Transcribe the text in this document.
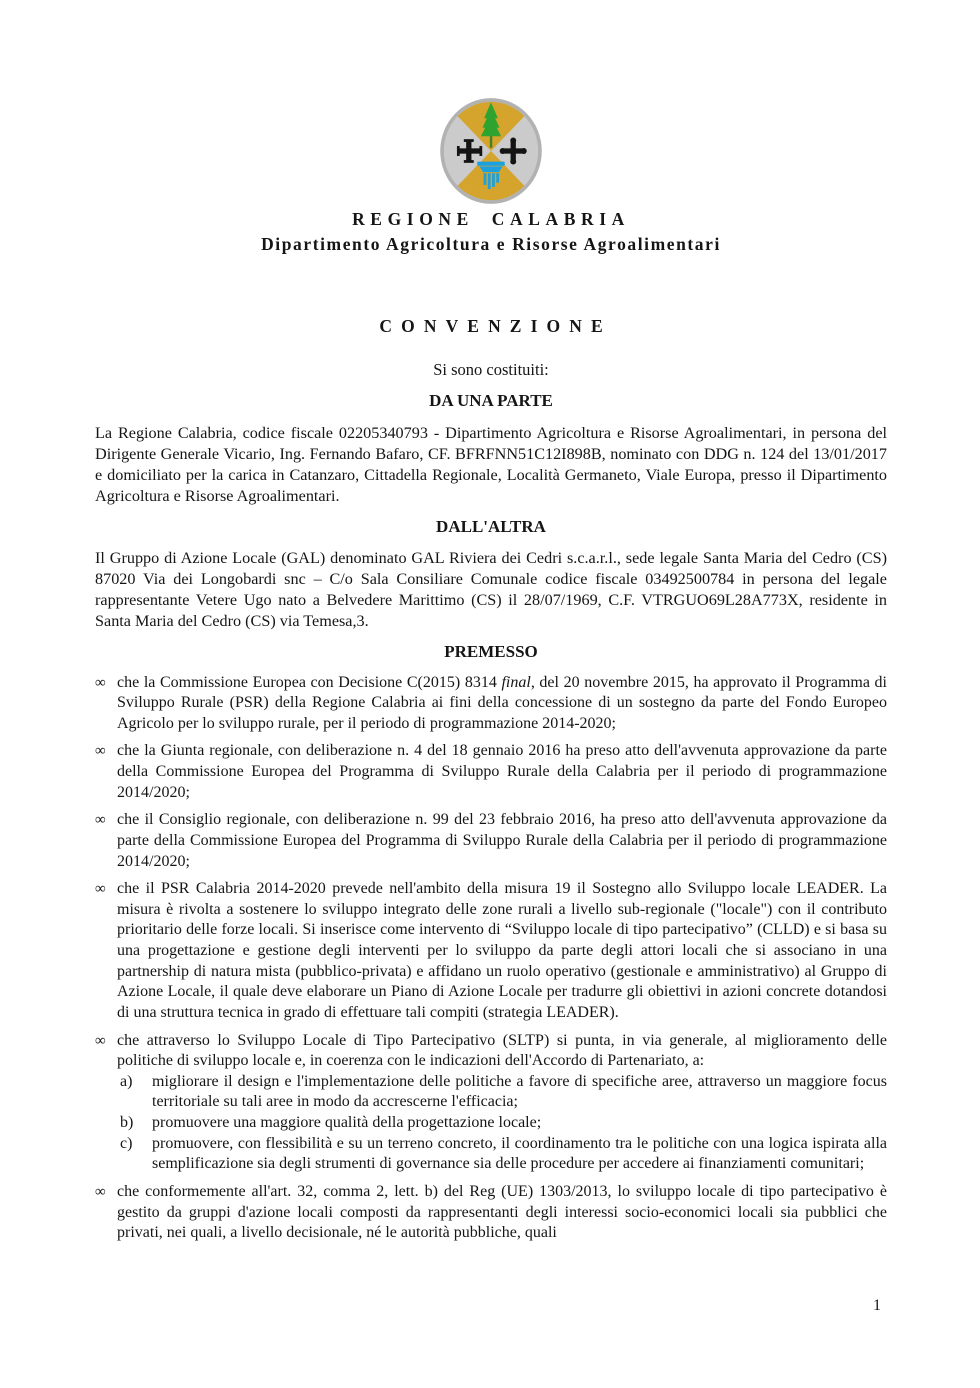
REGIONE CALABRIA
Dipartimento Agricoltura e Risorse Agroalimentari
CONVENZIONE
Si sono costituiti:
DA UNA PARTE
La Regione Calabria, codice fiscale 02205340793 - Dipartimento Agricoltura e Risorse Agroalimentari, in persona del Dirigente Generale Vicario, Ing. Fernando Bafaro, CF. BFRFNN51C12I898B, nominato con DDG n. 124 del 13/01/2017 e domiciliato per la carica in Catanzaro, Cittadella Regionale, Località Germaneto, Viale Europa, presso il Dipartimento Agricoltura e Risorse Agroalimentari.
DALL'ALTRA
Il Gruppo di Azione Locale (GAL) denominato GAL Riviera dei Cedri s.c.a.r.l., sede legale Santa Maria del Cedro (CS) 87020 Via dei Longobardi snc – C/o Sala Consiliare Comunale codice fiscale 03492500784 in persona del legale rappresentante Vetere Ugo nato a Belvedere Marittimo (CS) il 28/07/1969, C.F. VTRGUO69L28A773X, residente in Santa Maria del Cedro (CS) via Temesa,3.
PREMESSO
∞ che la Commissione Europea con Decisione C(2015) 8314 final, del 20 novembre 2015, ha approvato il Programma di Sviluppo Rurale (PSR) della Regione Calabria ai fini della concessione di un sostegno da parte del Fondo Europeo Agricolo per lo sviluppo rurale, per il periodo di programmazione 2014-2020;
∞ che la Giunta regionale, con deliberazione n. 4 del 18 gennaio 2016 ha preso atto dell'avvenuta approvazione da parte della Commissione Europea del Programma di Sviluppo Rurale della Calabria per il periodo di programmazione 2014/2020;
∞ che il Consiglio regionale, con deliberazione n. 99 del 23 febbraio 2016, ha preso atto dell'avvenuta approvazione da parte della Commissione Europea del Programma di Sviluppo Rurale della Calabria per il periodo di programmazione 2014/2020;
∞ che il PSR Calabria 2014-2020 prevede nell'ambito della misura 19 il Sostegno allo Sviluppo locale LEADER. La misura è rivolta a sostenere lo sviluppo integrato delle zone rurali a livello sub-regionale ("locale") con il contributo prioritario delle forze locali. Si inserisce come intervento di “Sviluppo locale di tipo partecipativo” (CLLD) e si basa su una progettazione e gestione degli interventi per lo sviluppo da parte degli attori locali che si associano in una partnership di natura mista (pubblico-privata) e affidano un ruolo operativo (gestionale e amministrativo) al Gruppo di Azione Locale, il quale deve elaborare un Piano di Azione Locale per tradurre gli obiettivi in azioni concrete dotandosi di una struttura tecnica in grado di effettuare tali compiti (strategia LEADER).
∞ che attraverso lo Sviluppo Locale di Tipo Partecipativo (SLTP) si punta, in via generale, al miglioramento delle politiche di sviluppo locale e, in coerenza con le indicazioni dell'Accordo di Partenariato, a:
a) migliorare il design e l'implementazione delle politiche a favore di specifiche aree, attraverso un maggiore focus territoriale su tali aree in modo da accrescerne l'efficacia;
b) promuovere una maggiore qualità della progettazione locale;
c) promuovere, con flessibilità e su un terreno concreto, il coordinamento tra le politiche con una logica ispirata alla semplificazione sia degli strumenti di governance sia delle procedure per accedere ai finanziamenti comunitari;
∞ che conformemente all'art. 32, comma 2, lett. b) del Reg (UE) 1303/2013, lo sviluppo locale di tipo partecipativo è gestito da gruppi d'azione locali composti da rappresentanti degli interessi socio-economici locali sia pubblici che privati, nei quali, a livello decisionale, né le autorità pubbliche, quali
1
